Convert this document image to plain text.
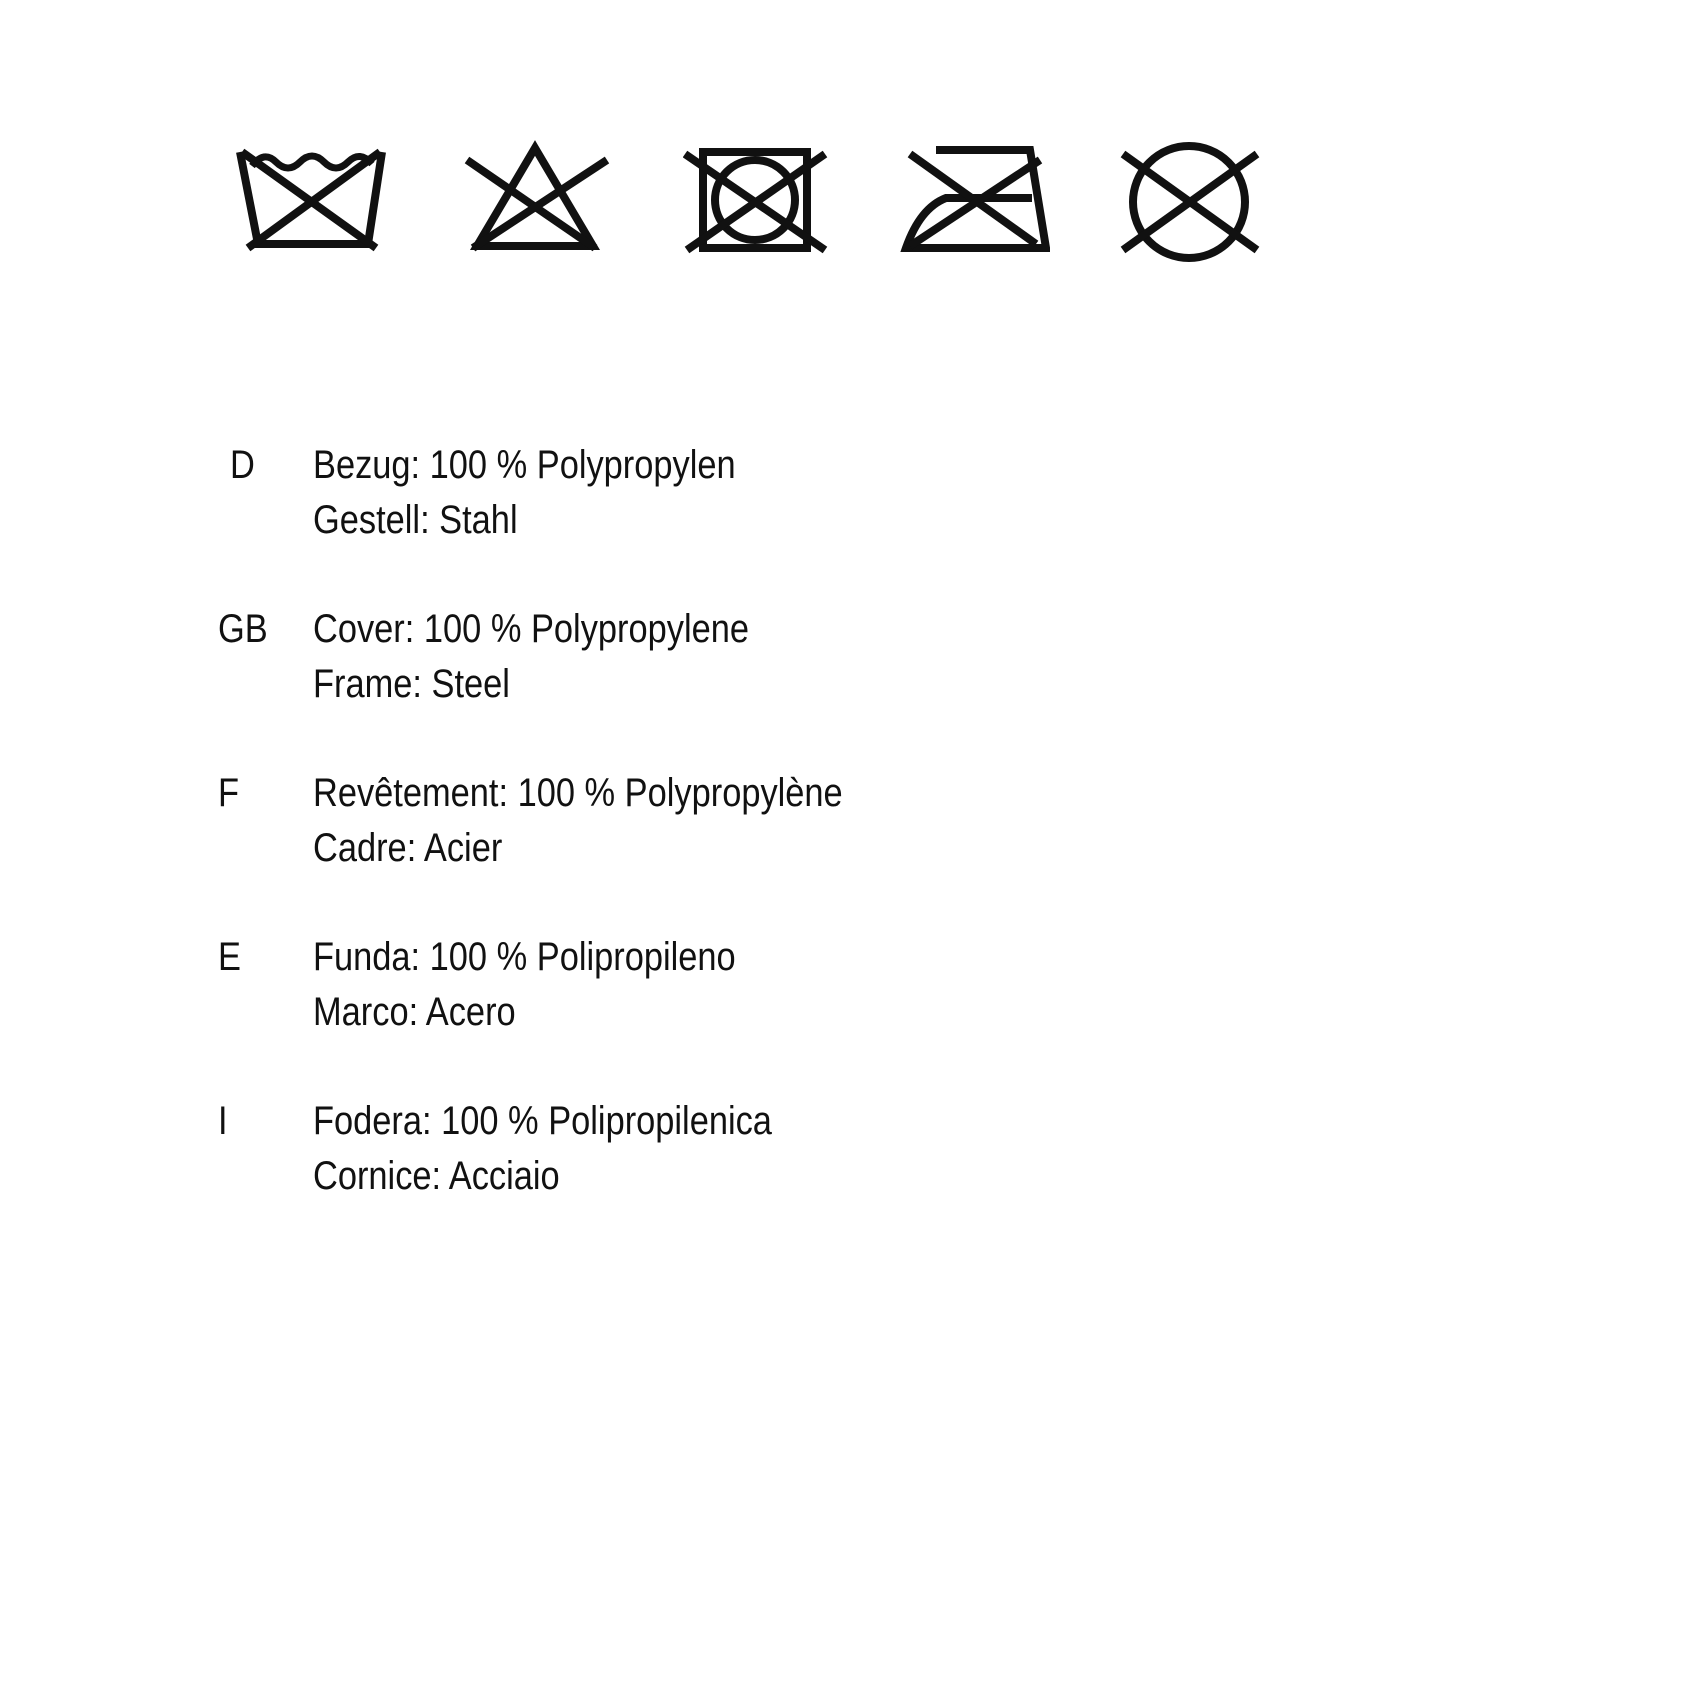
D Bezug: 100 % Polypropylen
Gestell: Stahl
GB Cover: 100 % Polypropylene
Frame: Steel
F Revêtement: 100 % Polypropylène
Cadre: Acier
E Funda: 100 % Polipropileno
Marco: Acero
I Fodera: 100 % Polipropilenica
Cornice: Acciaio
